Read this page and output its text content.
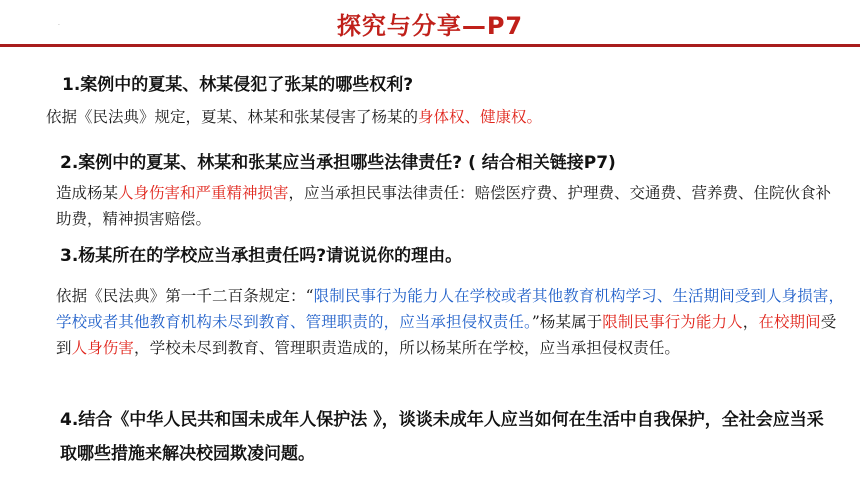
探究与分享—P7
·
1.案例中的夏某、林某侵犯了张某的哪些权利?
依据《民法典》规定，夏某、林某和张某侵害了杨某的身体权、健康权。
2.案例中的夏某、林某和张某应当承担哪些法律责任? ( 结合相关链接P7)
造成杨某人身伤害和严重精神损害，应当承担民事法律责任：赔偿医疗费、护理费、交通费、营养费、住院伙食补助费，精神损害赔偿。
3.杨某所在的学校应当承担责任吗?请说说你的理由。
依据《民法典》第一千二百条规定：“限制民事行为能力人在学校或者其他教育机构学习、生活期间受到人身损害，学校或者其他教育机构未尽到教育、管理职责的，应当承担侵权责任。”杨某属于限制民事行为能力人，在校期间受到人身伤害，学校未尽到教育、管理职责造成的，所以杨某所在学校，应当承担侵权责任。
4.结合《中华人民共和国未成年人保护法 》，谈谈未成年人应当如何在生活中自我保护，全社会应当采取哪些措施来解决校园欺凌问题。
